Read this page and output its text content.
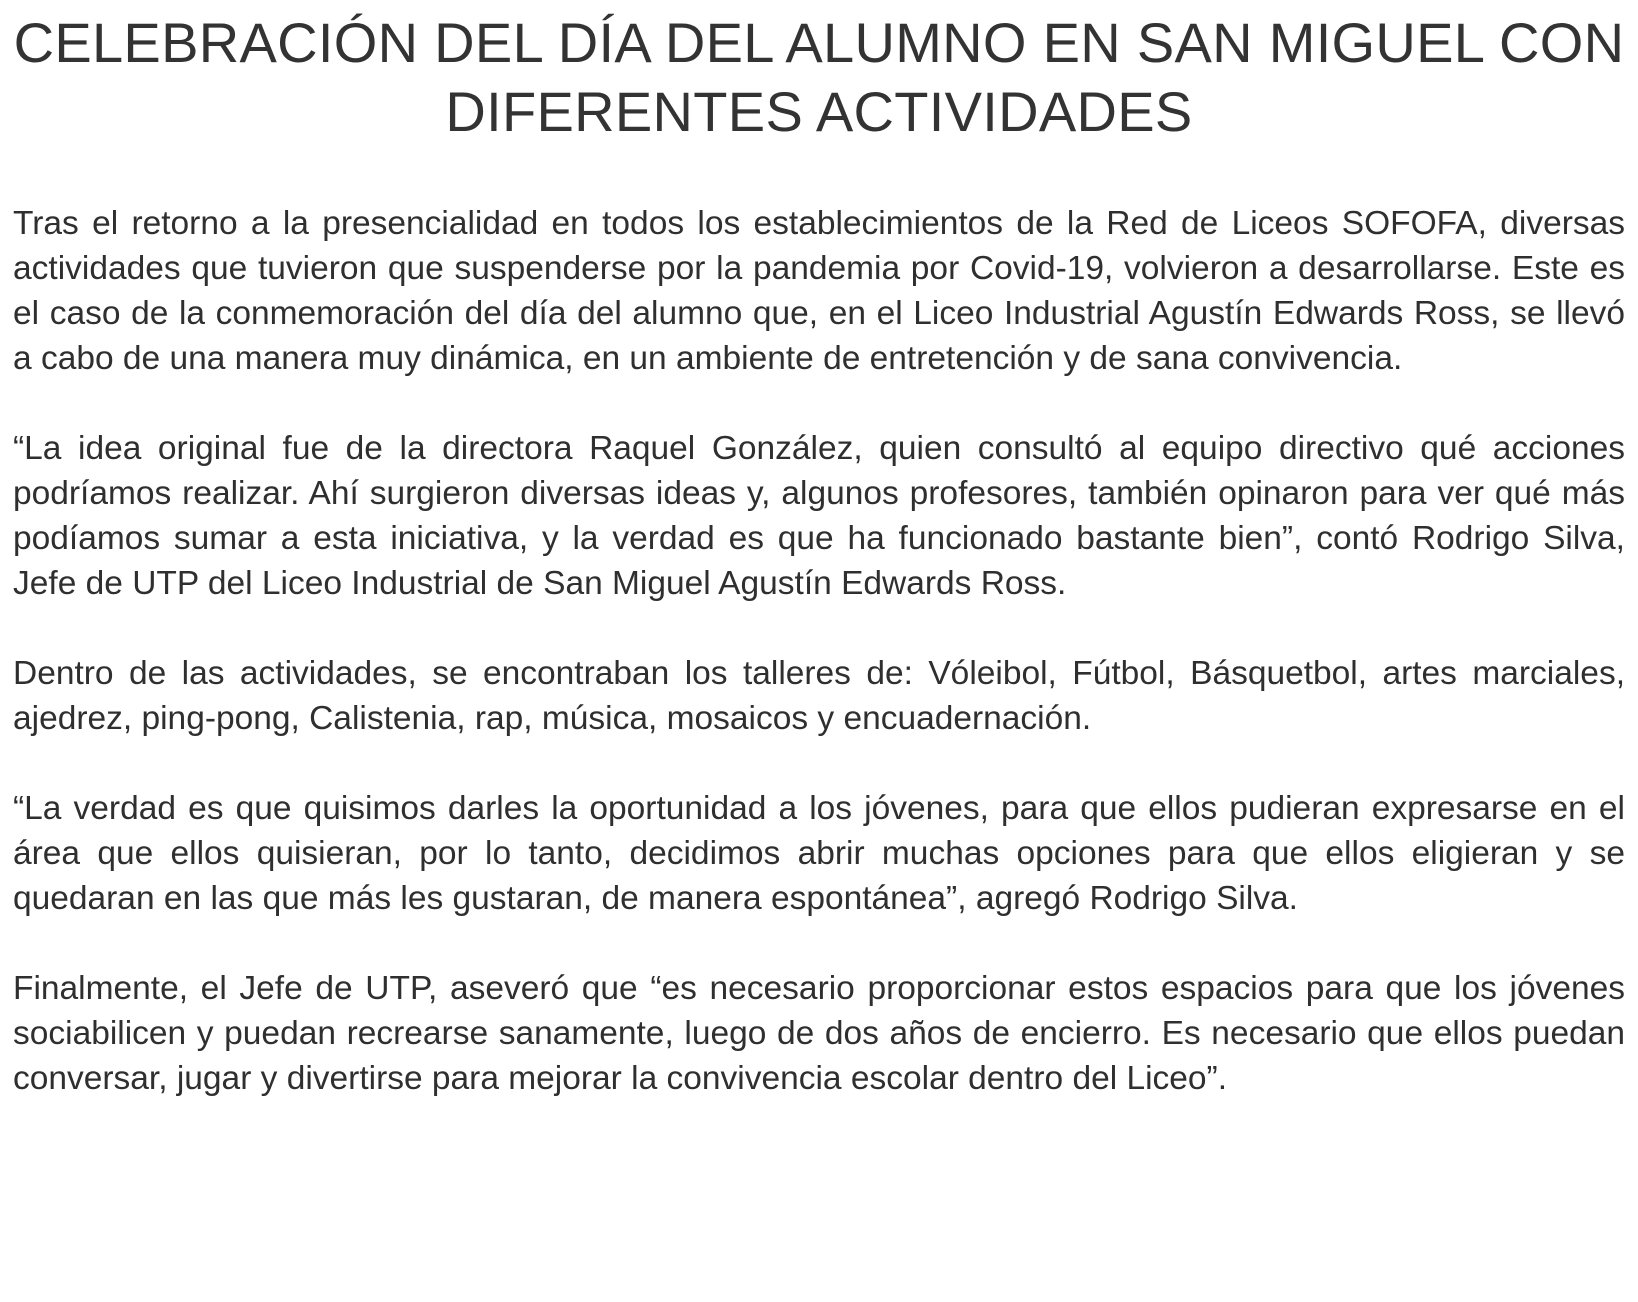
CELEBRACIÓN DEL DÍA DEL ALUMNO EN SAN MIGUEL CON DIFERENTES ACTIVIDADES

Tras el retorno a la presencialidad en todos los establecimientos de la Red de Liceos SOFOFA, diversas actividades que tuvieron que suspenderse por la pandemia por Covid-19, volvieron a desarrollarse. Este es el caso de la conmemoración del día del alumno que, en el Liceo Industrial Agustín Edwards Ross, se llevó a cabo de una manera muy dinámica, en un ambiente de entretención y de sana convivencia.

“La idea original fue de la directora Raquel González, quien consultó al equipo directivo qué acciones podríamos realizar. Ahí surgieron diversas ideas y, algunos profesores, también opinaron para ver qué más podíamos sumar a esta iniciativa, y la verdad es que ha funcionado bastante bien”, contó Rodrigo Silva, Jefe de UTP del Liceo Industrial de San Miguel Agustín Edwards Ross.

Dentro de las actividades, se encontraban los talleres de: Vóleibol, Fútbol, Básquetbol, artes marciales, ajedrez, ping-pong, Calistenia, rap, música, mosaicos y encuadernación.

“La verdad es que quisimos darles la oportunidad a los jóvenes, para que ellos pudieran expresarse en el área que ellos quisieran, por lo tanto, decidimos abrir muchas opciones para que ellos eligieran y se quedaran en las que más les gustaran, de manera espontánea”, agregó Rodrigo Silva.

Finalmente, el Jefe de UTP, aseveró que “es necesario proporcionar estos espacios para que los jóvenes sociabilicen y puedan recrearse sanamente, luego de dos años de encierro. Es necesario que ellos puedan conversar, jugar y divertirse para mejorar la convivencia escolar dentro del Liceo”.
